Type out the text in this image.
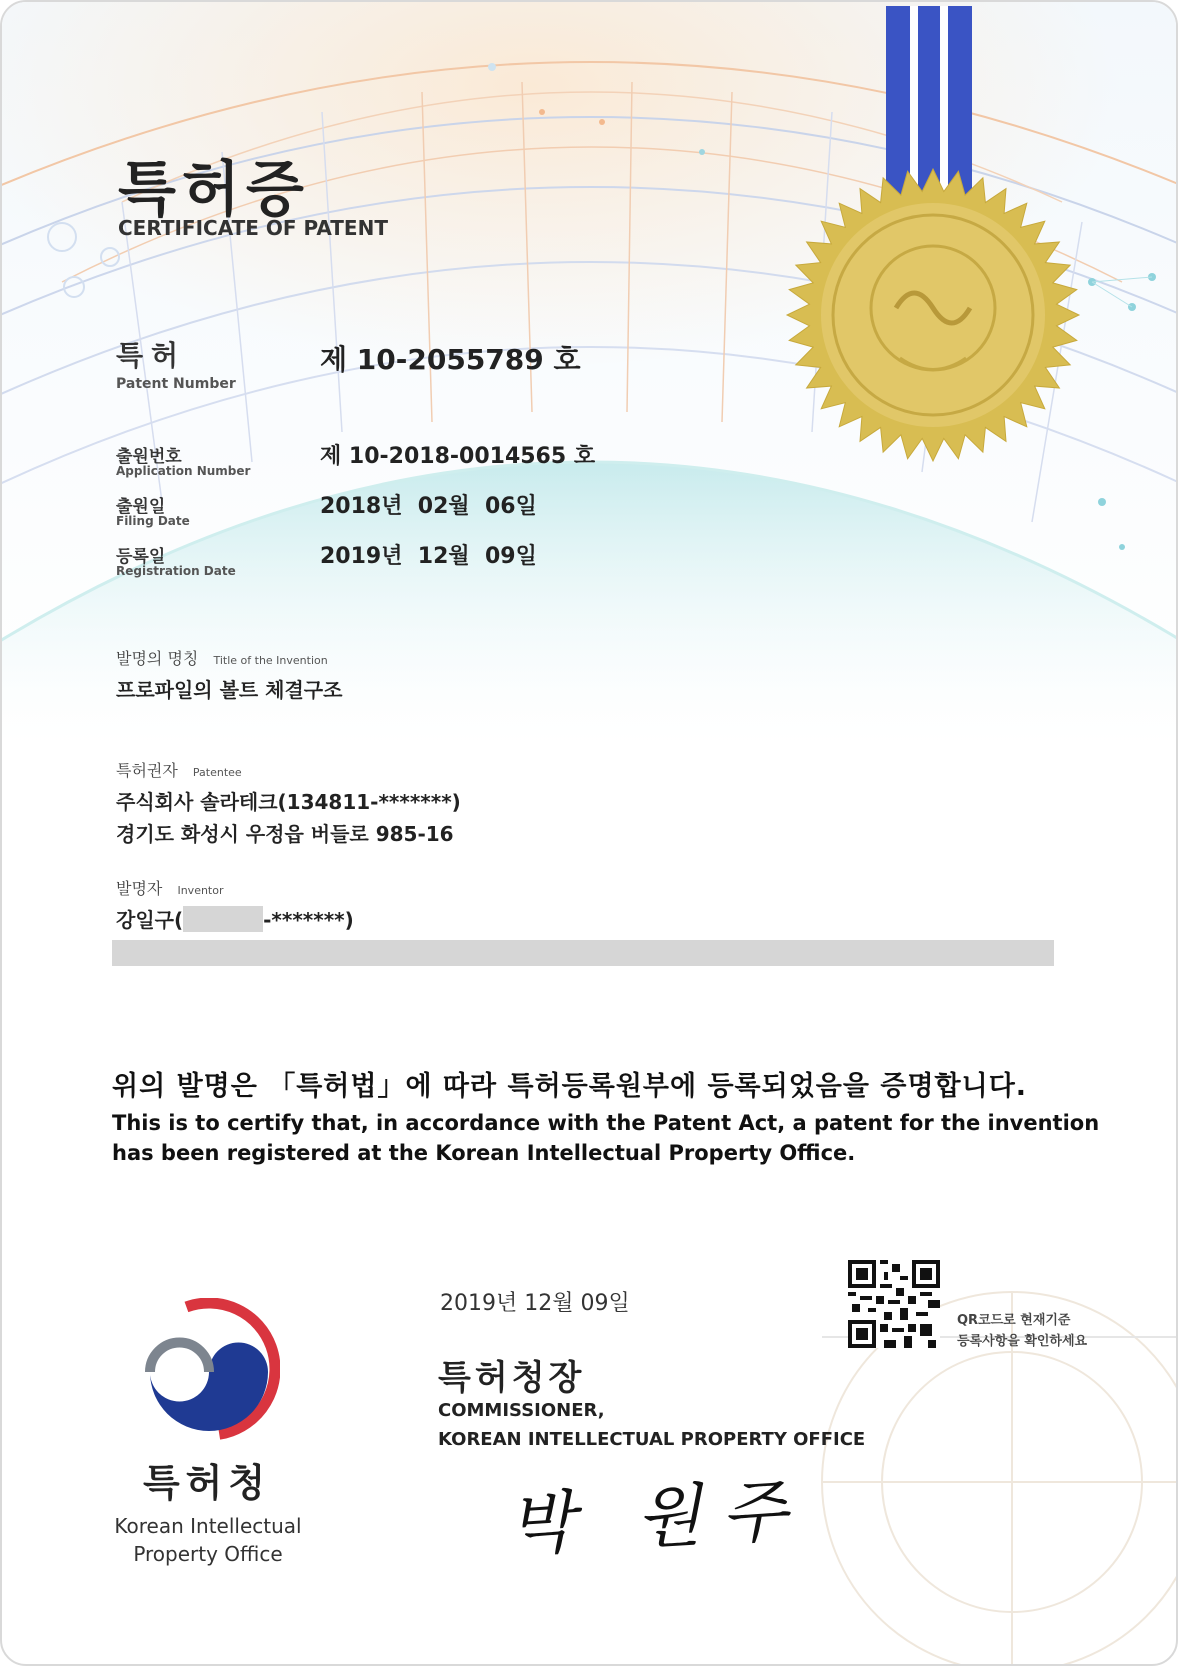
특허증
CERTIFICATE OF PATENT
특허
Patent Number
제 10-2055789 호
출원번호
Application Number
제 10-2018-0014565 호
출원일
Filing Date
2018년  02월  06일
등록일
Registration Date
2019년  12월  09일
발명의 명칭 Title of the Invention
프로파일의 볼트 체결구조
특허권자 Patentee
주식회사 솔라테크(134811-*******)
경기도 화성시 우정읍 버들로 985-16
발명자 Inventor
강일구(	-*******)
위의 발명은 「특허법」에 따라 특허등록원부에 등록되었음을 증명합니다.
This is to certify that, in accordance with the Patent Act, a patent for the invention has been registered at the Korean Intellectual Property Office.
2019년 12월 09일
특허청장
COMMISSIONER,
KOREAN INTELLECTUAL PROPERTY OFFICE
박 원주
특허청
Korean Intellectual Property Office
QR코드로 현재기준
등록사항을 확인하세요
